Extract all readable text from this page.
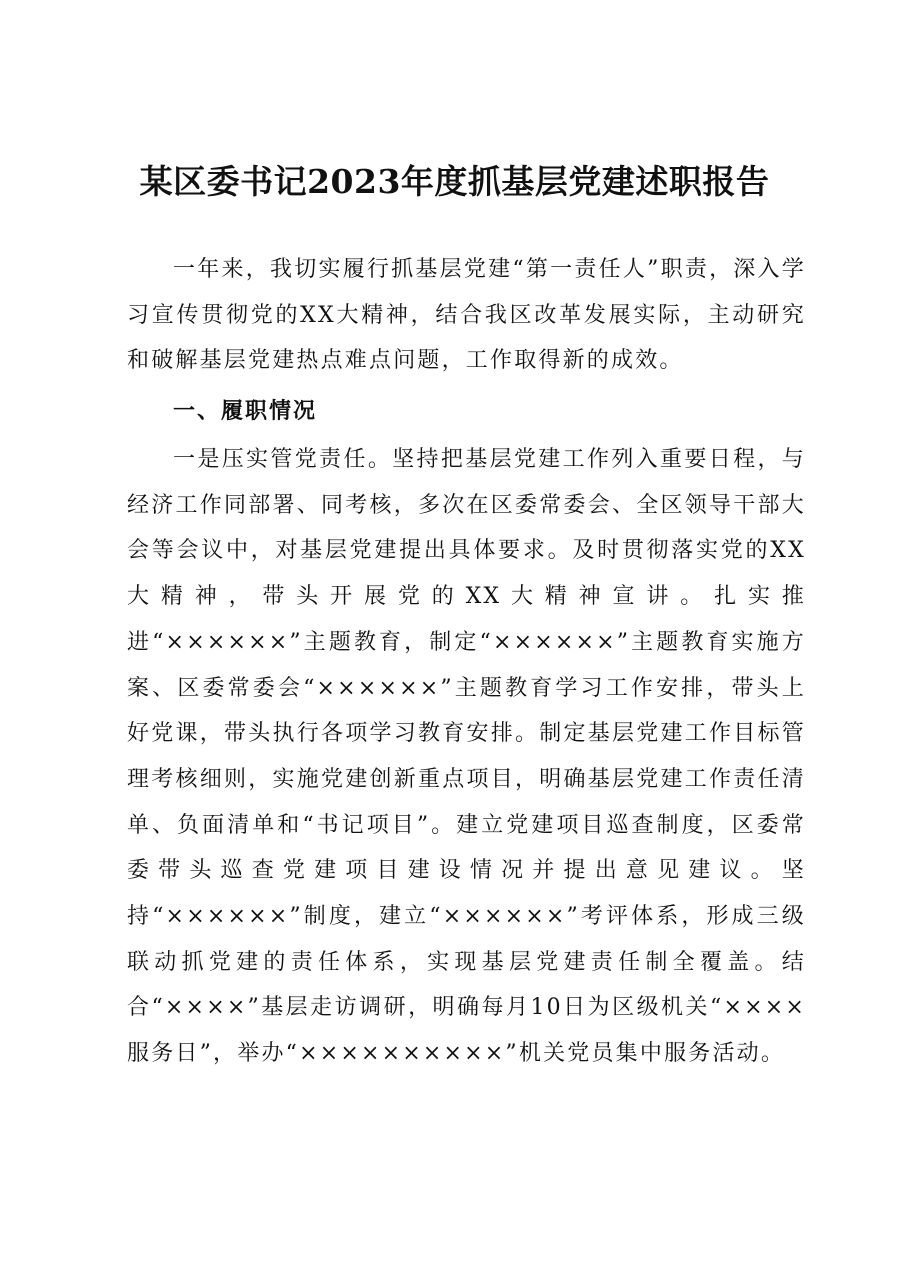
某区委书记2023年度抓基层党建述职报告

一年来，我切实履行抓基层党建“第一责任人”职责，深入学习宣传贯彻党的XX大精神，结合我区改革发展实际，主动研究和破解基层党建热点难点问题，工作取得新的成效。

一、履职情况

一是压实管党责任。坚持把基层党建工作列入重要日程，与经济工作同部署、同考核，多次在区委常委会、全区领导干部大会等会议中，对基层党建提出具体要求。及时贯彻落实党的XX大精神，带头开展党的XX大精神宣讲。扎实推进“××××××”主题教育，制定“××××××”主题教育实施方案、区委常委会“××××××”主题教育学习工作安排，带头上好党课，带头执行各项学习教育安排。制定基层党建工作目标管理考核细则，实施党建创新重点项目，明确基层党建工作责任清单、负面清单和“书记项目”。建立党建项目巡查制度，区委常委带头巡查党建项目建设情况并提出意见建议。坚持“××××××”制度，建立“××××××”考评体系，形成三级联动抓党建的责任体系，实现基层党建责任制全覆盖。结合“××××”基层走访调研，明确每月10日为区级机关“××××服务日”，举办“××××××××××”机关党员集中服务活动。
